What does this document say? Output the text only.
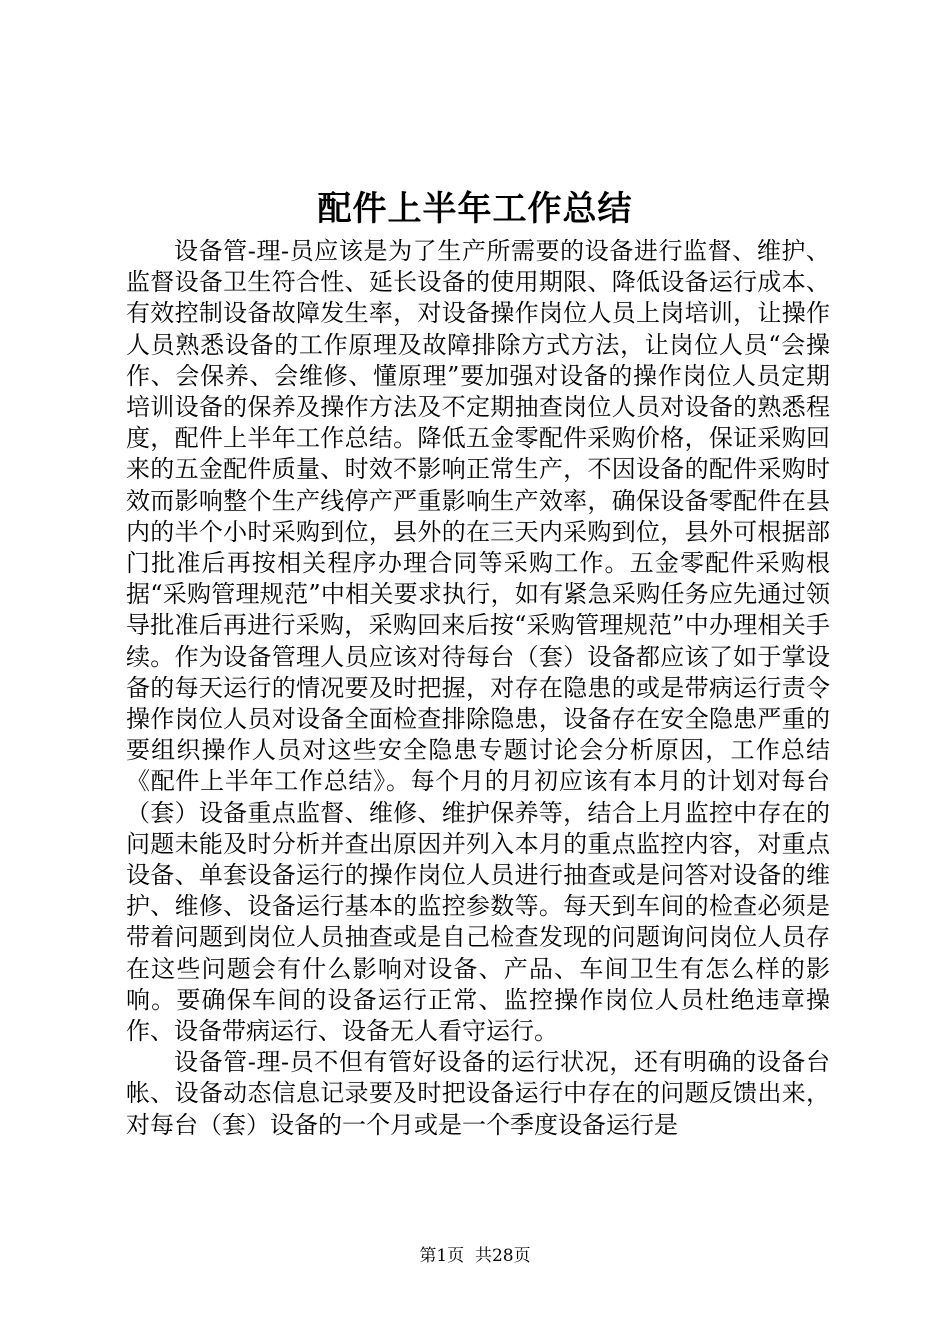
配件上半年工作总结

设备管-理-员应该是为了生产所需要的设备进行监督、维护、监督设备卫生符合性、延长设备的使用期限、降低设备运行成本、有效控制设备故障发生率，对设备操作岗位人员上岗培训，让操作人员熟悉设备的工作原理及故障排除方式方法，让岗位人员“会操作、会保养、会维修、懂原理”要加强对设备的操作岗位人员定期培训设备的保养及操作方法及不定期抽查岗位人员对设备的熟悉程度，配件上半年工作总结。降低五金零配件采购价格，保证采购回来的五金配件质量、时效不影响正常生产，不因设备的配件采购时效而影响整个生产线停产严重影响生产效率，确保设备零配件在县内的半个小时采购到位，县外的在三天内采购到位，县外可根据部门批准后再按相关程序办理合同等采购工作。五金零配件采购根据“采购管理规范”中相关要求执行，如有紧急采购任务应先通过领导批准后再进行采购，采购回来后按“采购管理规范”中办理相关手续。作为设备管理人员应该对待每台（套）设备都应该了如于掌设备的每天运行的情况要及时把握，对存在隐患的或是带病运行责令操作岗位人员对设备全面检查排除隐患，设备存在安全隐患严重的要组织操作人员对这些安全隐患专题讨论会分析原因，工作总结《配件上半年工作总结》。每个月的月初应该有本月的计划对每台（套）设备重点监督、维修、维护保养等，结合上月监控中存在的问题未能及时分析并查出原因并列入本月的重点监控内容，对重点设备、单套设备运行的操作岗位人员进行抽查或是问答对设备的维护、维修、设备运行基本的监控参数等。每天到车间的检查必须是带着问题到岗位人员抽查或是自己检查发现的问题询问岗位人员存在这些问题会有什么影响对设备、产品、车间卫生有怎么样的影响。要确保车间的设备运行正常、监控操作岗位人员杜绝违章操作、设备带病运行、设备无人看守运行。

设备管-理-员不但有管好设备的运行状况，还有明确的设备台帐、设备动态信息记录要及时把设备运行中存在的问题反馈出来，对每台（套）设备的一个月或是一个季度设备运行是

第1页  共28页
